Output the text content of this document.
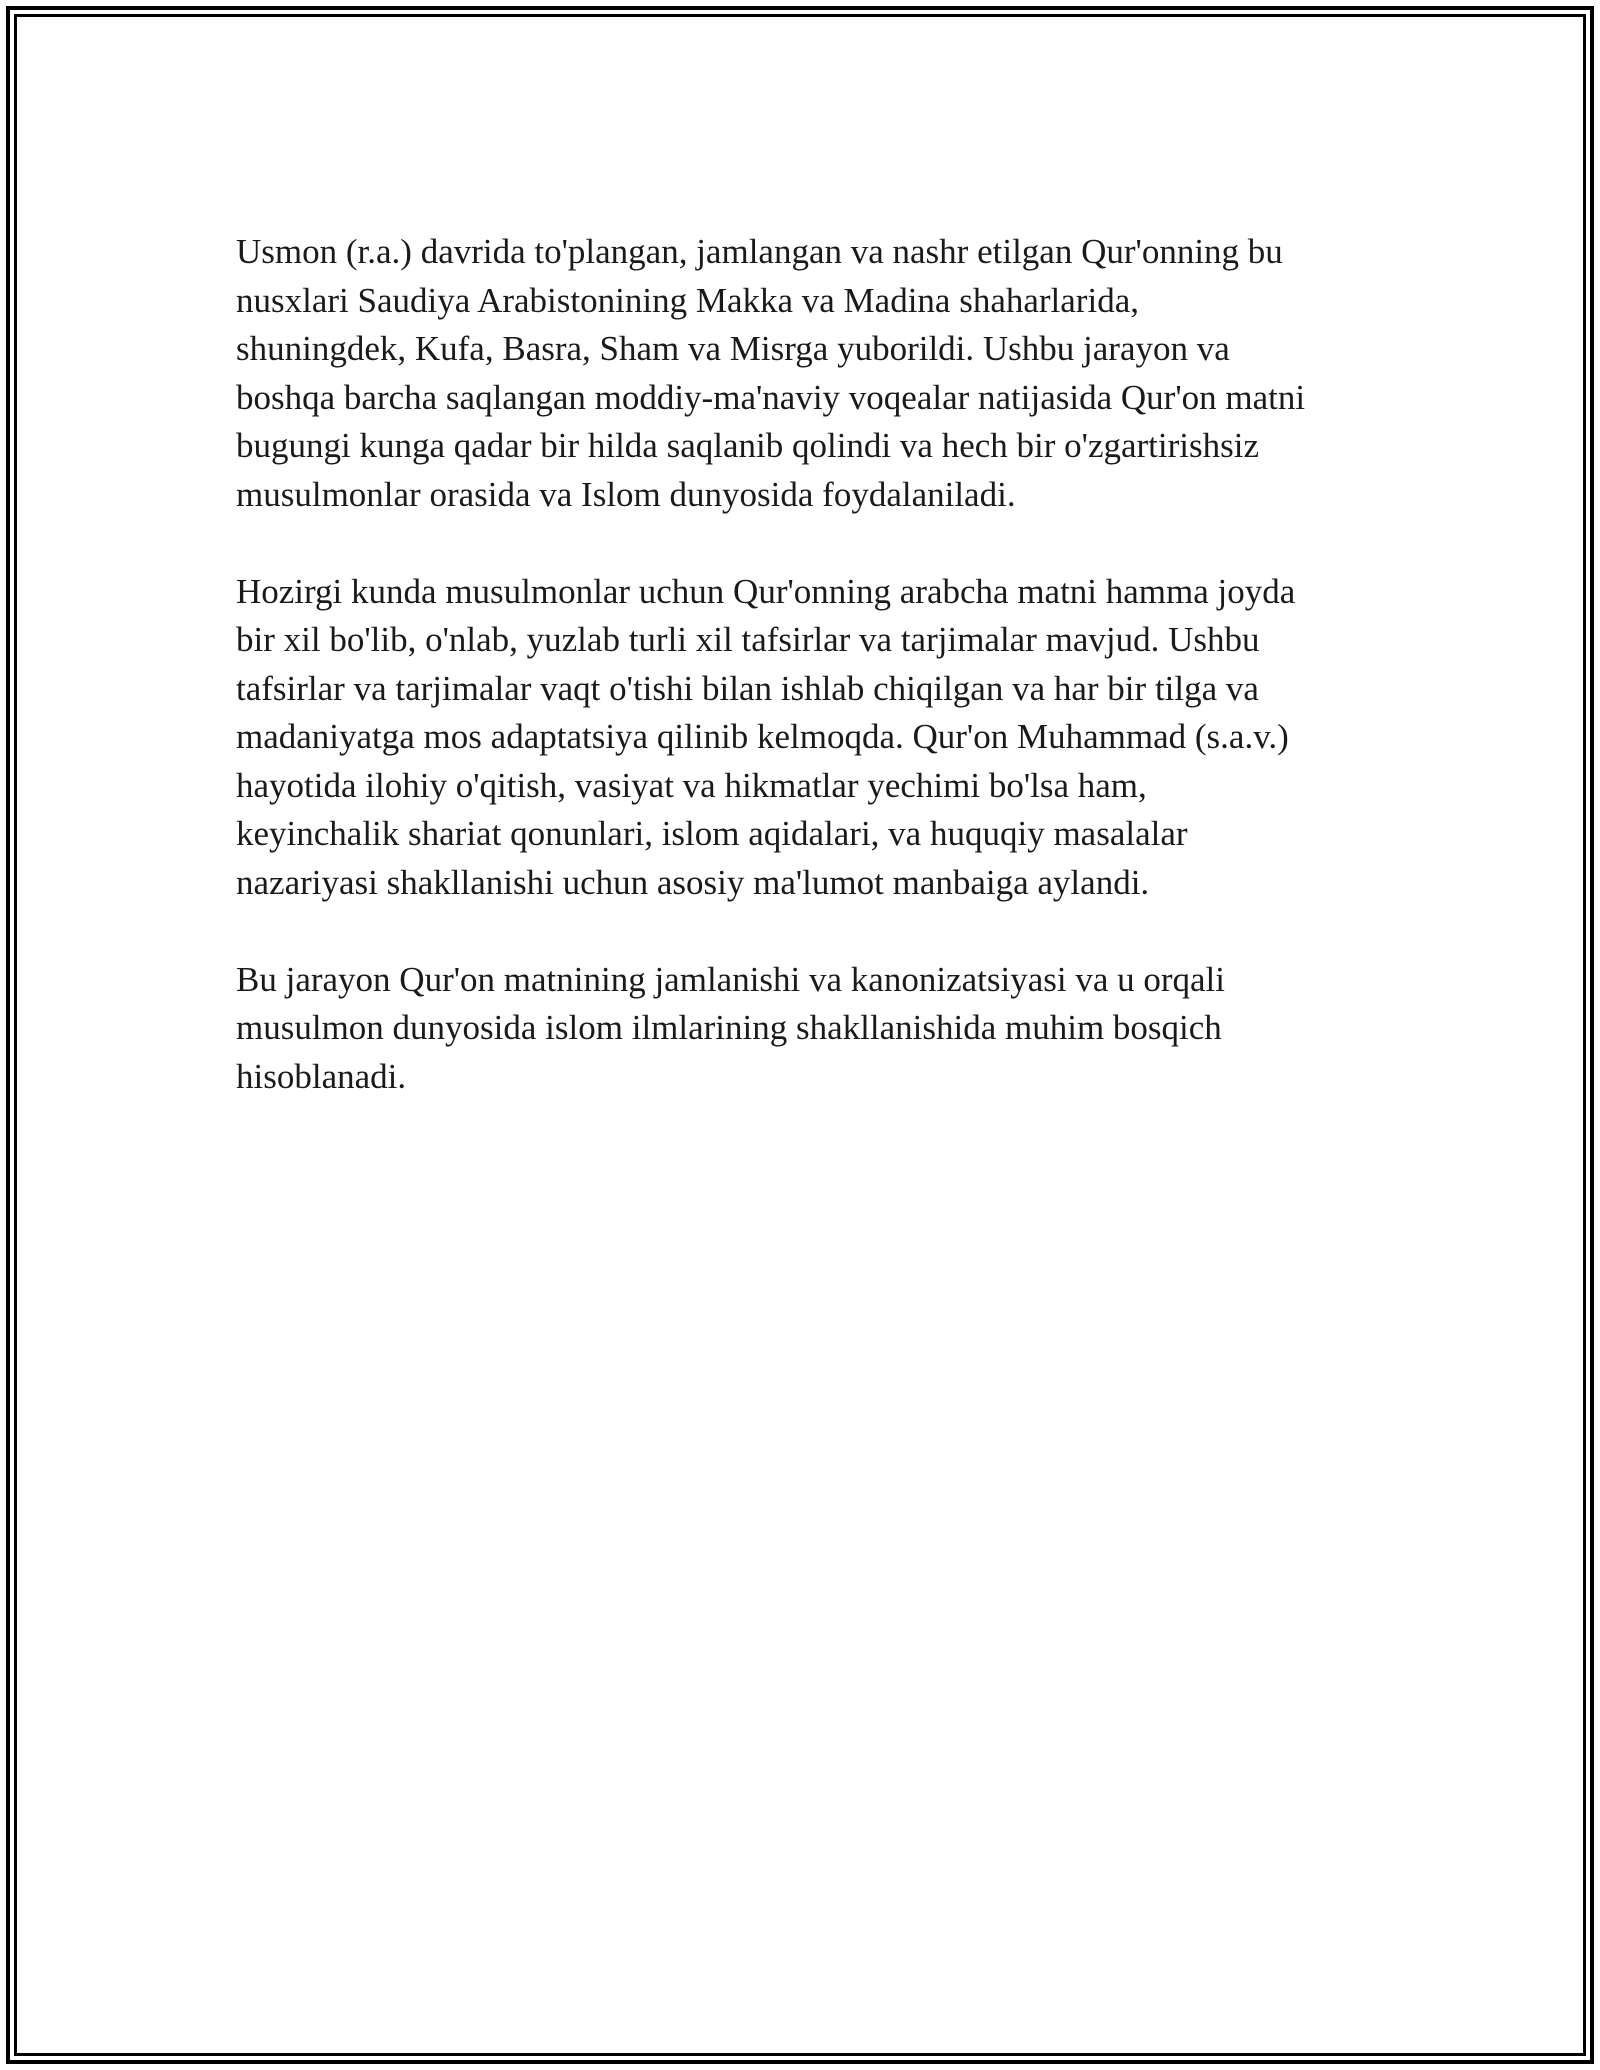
Usmon (r.a.) davrida to'plangan, jamlangan va nashr etilgan Qur'onning bu
nusxlari Saudiya Arabistonining Makka va Madina shaharlarida,
shuningdek, Kufa, Basra, Sham va Misrga yuborildi. Ushbu jarayon va
boshqa barcha saqlangan moddiy-ma'naviy voqealar natijasida Qur'on matni
bugungi kunga qadar bir hilda saqlanib qolindi va hech bir o'zgartirishsiz
musulmonlar orasida va Islom dunyosida foydalaniladi.

Hozirgi kunda musulmonlar uchun Qur'onning arabcha matni hamma joyda
bir xil bo'lib, o'nlab, yuzlab turli xil tafsirlar va tarjimalar mavjud. Ushbu
tafsirlar va tarjimalar vaqt o'tishi bilan ishlab chiqilgan va har bir tilga va
madaniyatga mos adaptatsiya qilinib kelmoqda. Qur'on Muhammad (s.a.v.)
hayotida ilohiy o'qitish, vasiyat va hikmatlar yechimi bo'lsa ham,
keyinchalik shariat qonunlari, islom aqidalari, va huquqiy masalalar
nazariyasi shakllanishi uchun asosiy ma'lumot manbaiga aylandi.

Bu jarayon Qur'on matnining jamlanishi va kanonizatsiyasi va u orqali
musulmon dunyosida islom ilmlarining shakllanishida muhim bosqich
hisoblanadi.
